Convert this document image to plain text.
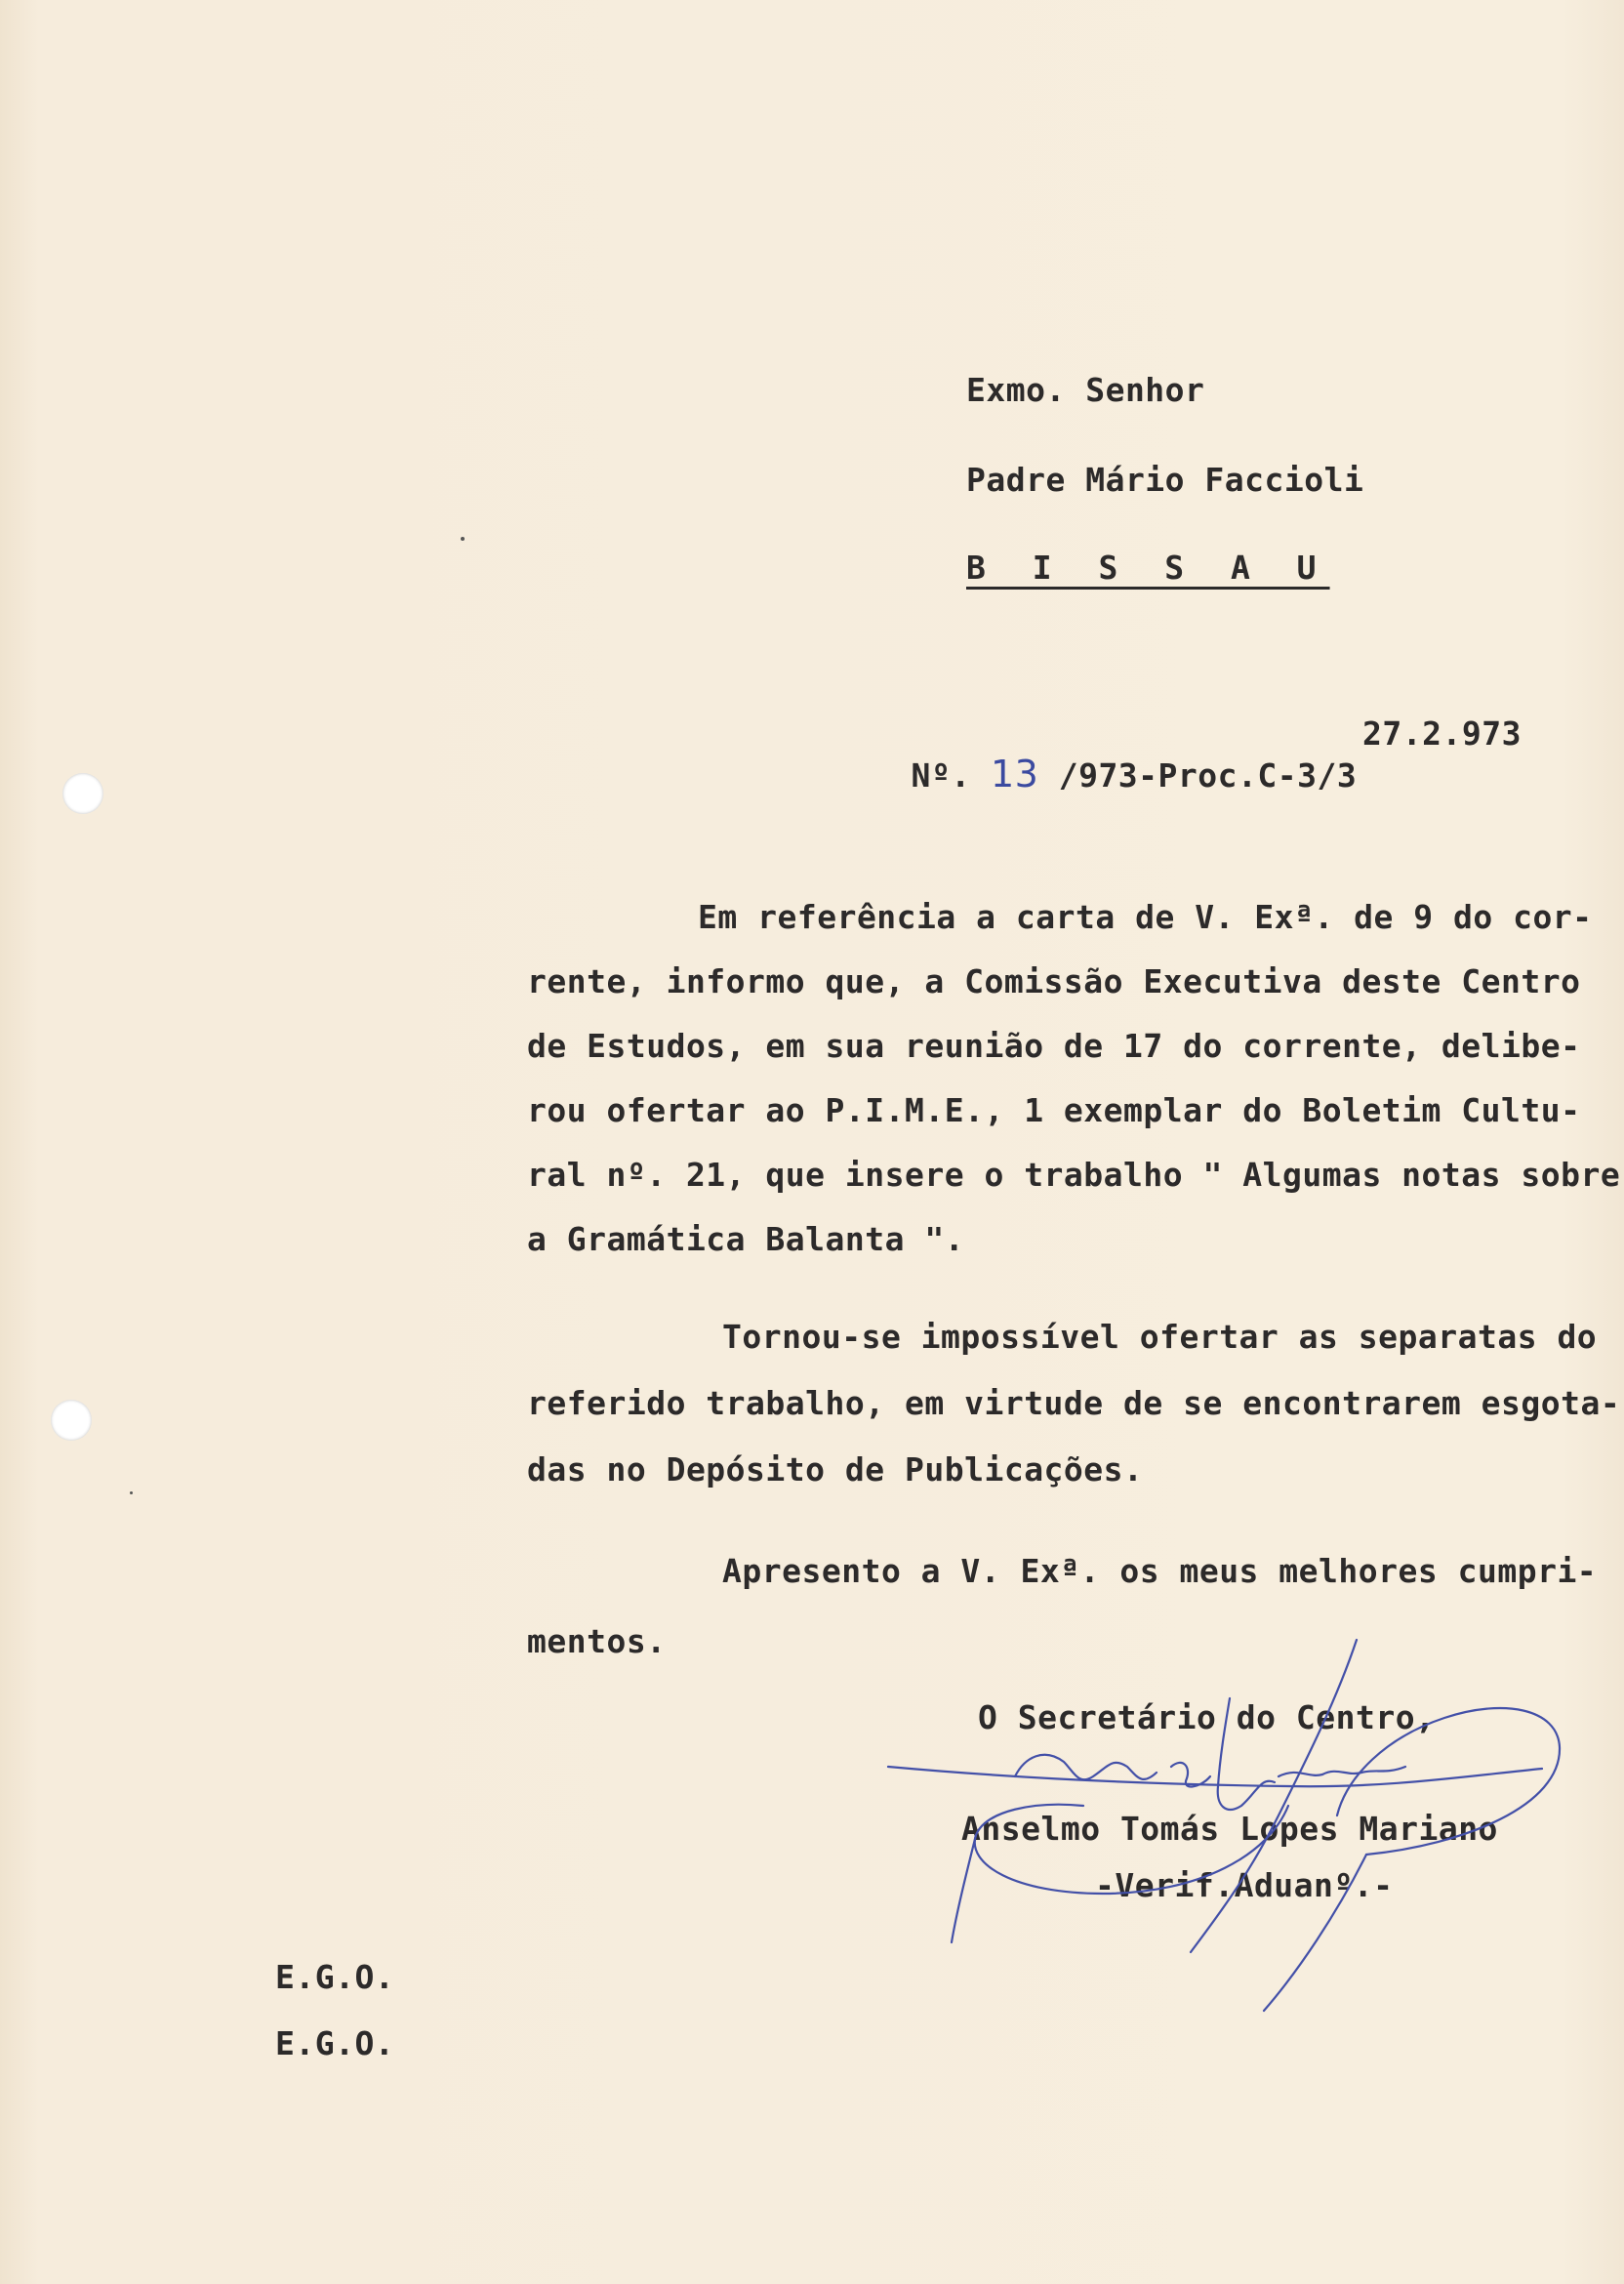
Exmo. Senhor
Padre Mário Faccioli
B I S S A U

Nº. 13 /973-Proc.C-3/3

27.2.973
Em referência a carta de V. Exª. de 9 do cor-
rente, informo que, a Comissão Executiva deste Centro
de Estudos, em sua reunião de 17 do corrente, delibe-
rou ofertar ao P.I.M.E., 1 exemplar do Boletim Cultu-
ral nº. 21, que insere o trabalho " Algumas notas sobre
a Gramática Balanta ".
Tornou-se impossível ofertar as separatas do
referido trabalho, em virtude de se encontrarem esgota-
das no Depósito de Publicações.
Apresento a V. Exª. os meus melhores cumpri-
mentos.
O Secretário do Centro,
Anselmo Tomás Lopes Mariano
-Verif.Aduanº.-
E.G.O.
E.G.O.
